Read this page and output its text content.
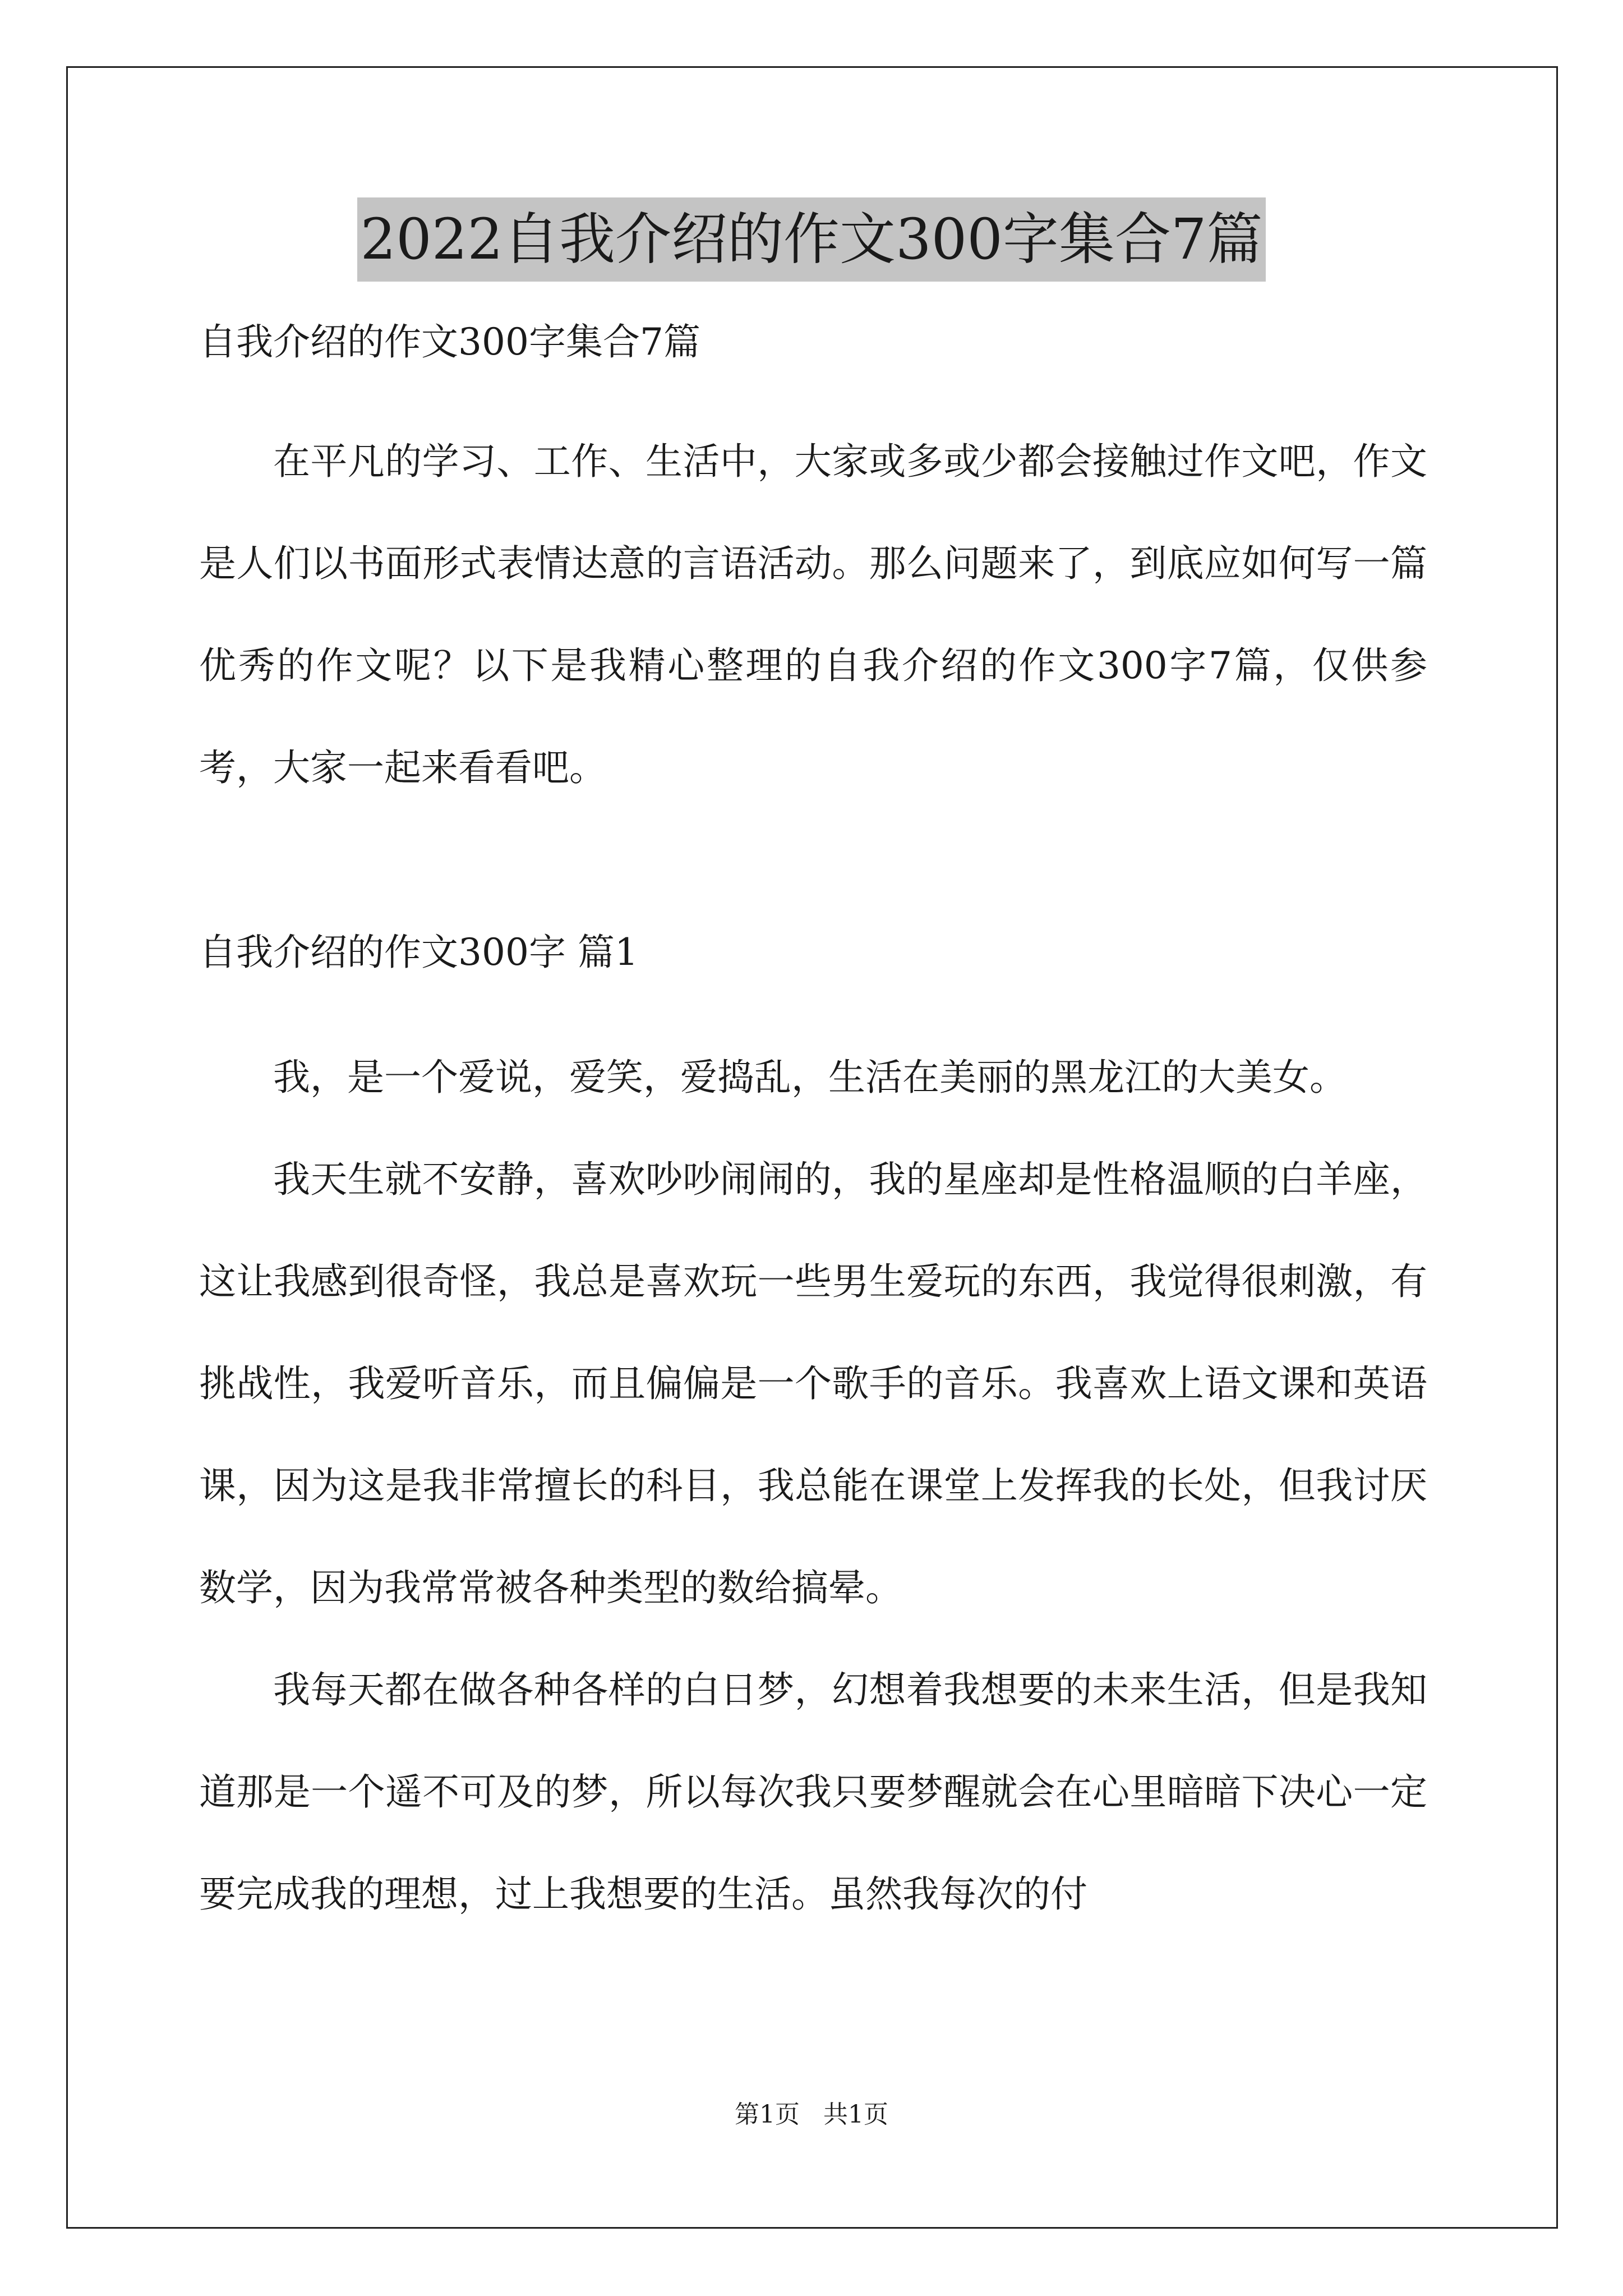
2022自我介绍的作文300字集合7篇

自我介绍的作文300字集合7篇

在平凡的学习、工作、生活中，大家或多或少都会接触过作文吧，作文是人们以书面形式表情达意的言语活动。那么问题来了，到底应如何写一篇优秀的作文呢？以下是我精心整理的自我介绍的作文300字7篇，仅供参考，大家一起来看看吧。

自我介绍的作文300字 篇1

我，是一个爱说，爱笑，爱捣乱，生活在美丽的黑龙江的大美女。

我天生就不安静，喜欢吵吵闹闹的，我的星座却是性格温顺的白羊座，这让我感到很奇怪，我总是喜欢玩一些男生爱玩的东西，我觉得很刺激，有挑战性，我爱听音乐，而且偏偏是一个歌手的音乐。我喜欢上语文课和英语课，因为这是我非常擅长的科目，我总能在课堂上发挥我的长处，但我讨厌数学，因为我常常被各种类型的数给搞晕。

我每天都在做各种各样的白日梦，幻想着我想要的未来生活，但是我知道那是一个遥不可及的梦，所以每次我只要梦醒就会在心里暗暗下决心一定要完成我的理想，过上我想要的生活。虽然我每次的付

第1页 共1页
